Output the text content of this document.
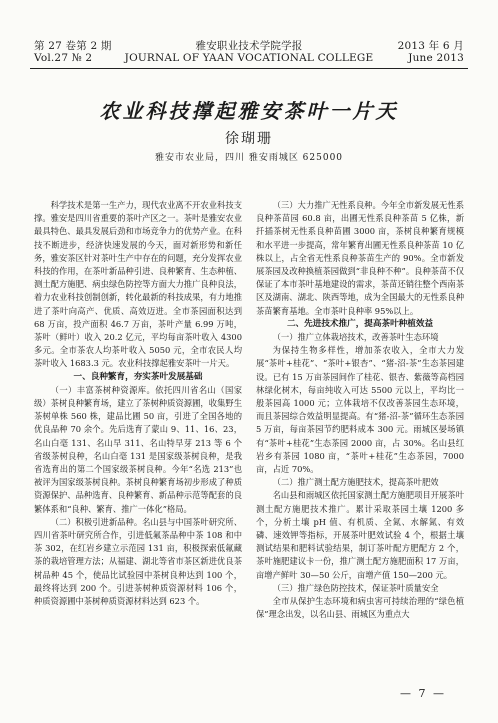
第 27 卷第 2 期	雅安职业技术学院学报	2013 年 6 月
Vol.27 № 2	JOURNAL OF YAAN VOCATIONAL COLLEGE	June 2013
农业科技撑起雅安茶叶一片天
徐瑚珊
雅安市农业局，四川 雅安雨城区 625000

科学技术是第一生产力，现代农业离不开农业科技支撑。雅安是四川省重要的茶叶产区之一。茶叶是雅安农业最具特色、最具发展后劲和市场竞争力的优势产业。在科技不断进步，经济快速发展的今天，面对新形势和新任务，雅安茶区针对茶叶生产中存在的问题，充分发挥农业科技的作用，在茶叶新品种引进、良种繁育、生态种植、测土配方施肥、病虫绿色防控等方面大力推广良种良法，着力农业科技创制创新，转化最新的科技成果，有力地推进了茶叶向高产、优质、高效迈进。全市茶园面积达到 68 万亩，投产面积 46.7 万亩，茶叶产量 6.99 万吨，茶叶（鲜叶）收入 20.2 亿元，平均每亩茶叶收入 4300 多元。全市茶农人均茶叶收入 5050 元，全市农民人均茶叶收入 1683.3 元。农业科技撑起雅安茶叶一片天。

一、良种繁育，夯实茶叶发展基础

（一）丰富茶树种资源库。依托四川省名山（国家级）茶树良种繁育场，建立了茶树种质资源圃，收集野生茶树单株 560 株，建品比圃 50 亩，引进了全国各地的优良品种 70 余个。先后选育了蒙山 9、11、16、23，名山白毫 131、名山早 311、名山特早芽 213 等 6 个省级茶树良种，名山白毫 131 是国家级茶树良种，是我省选育出的第二个国家级茶树良种。今年“名选 213”也被评为国家级茶树良种。茶树良种繁育场初步形成了种质资源保护、品种选育、良种繁育、新品种示范等配套的良繁体系和“良种、繁育、推广一体化”格局。

（二）积极引进新品种。名山县与中国茶叶研究所、四川省茶叶研究所合作，引进低氟茶品种中茶 108 和中茶 302，在红岩乡建立示范园 131 亩，积极探索低氟藏茶的栽培管理方法；从福建、湖北等省市茶区新进优良茶树品种 45 个，使品比试验园中茶树良种达到 100 个，最终将达到 200 个。引进茶树种质资源材料 106 个，种质资源圃中茶树种质资源材料达到 623 个。

（三）大力推广无性系良种。今年全市新发展无性系良种茶苗园 60.8 亩，出圃无性系良种茶苗 5 亿株，新扦插茶树无性系良种苗圃 3000 亩，茶树良种繁育规模和水平进一步提高，常年繁育出圃无性系良种茶苗 10 亿株以上，占全省无性系良种茶苗生产的 90%。全市新发展茶园及改种换植茶园做到“非良种不种”。良种茶苗不仅保证了本市茶叶基地建设的需求，茶苗还销往整个西南茶区及湖南、湖北、陕西等地，成为全国最大的无性系良种茶苗繁育基地。全市茶叶良种率 95%以上。

二、先进技术推广，提高茶叶种植效益

（一）推广立体栽培技术，改善茶叶生态环境

为保持生物多样性，增加茶农收入，全市大力发展“茶叶+桂花”、“茶叶+银杏”、“猪-沼-茶”生态茶园建设。已有 15 万亩茶园间作了桂花、银杏、紫薇等高档园林绿化树木，每亩纯收入可达 5500 元以上，平均比一般茶园高 1000 元；立体栽培不仅改善茶园生态环境，而且茶园综合效益明显提高。有“猪-沼-茶”循环生态茶园 5 万亩，每亩茶园节约肥料成本 300 元。雨城区晏场镇有“茶叶+桂花”生态茶园 2000 亩，占 30%。名山县红岩乡有茶园 1080 亩，“茶叶+桂花”生态茶园，7000 亩，占近 70%。

（二）推广测土配方施肥技术，提高茶叶肥效

名山县和雨城区依托国家测土配方施肥项目开展茶叶测土配方施肥技术推广。累计采取茶园土壤 1200 多个，分析土壤 pH 值、有机质、全氮、水解氮、有效磷、速效钾等指标，开展茶叶肥效试验 4 个，根据土壤测试结果和肥料试验结果，制订茶叶配方肥配方 2 个，茶叶施肥建议卡一份，推广测土配方施肥面积 17 万亩，亩增产鲜叶 30—50 公斤，亩增产值 150—200 元。

（三）推广绿色防控技术，保证茶叶质量安全

全市从保护生态环境和病虫害可持续治理的“绿色植保”理念出发，以名山县、雨城区为重点大

— 7 —
